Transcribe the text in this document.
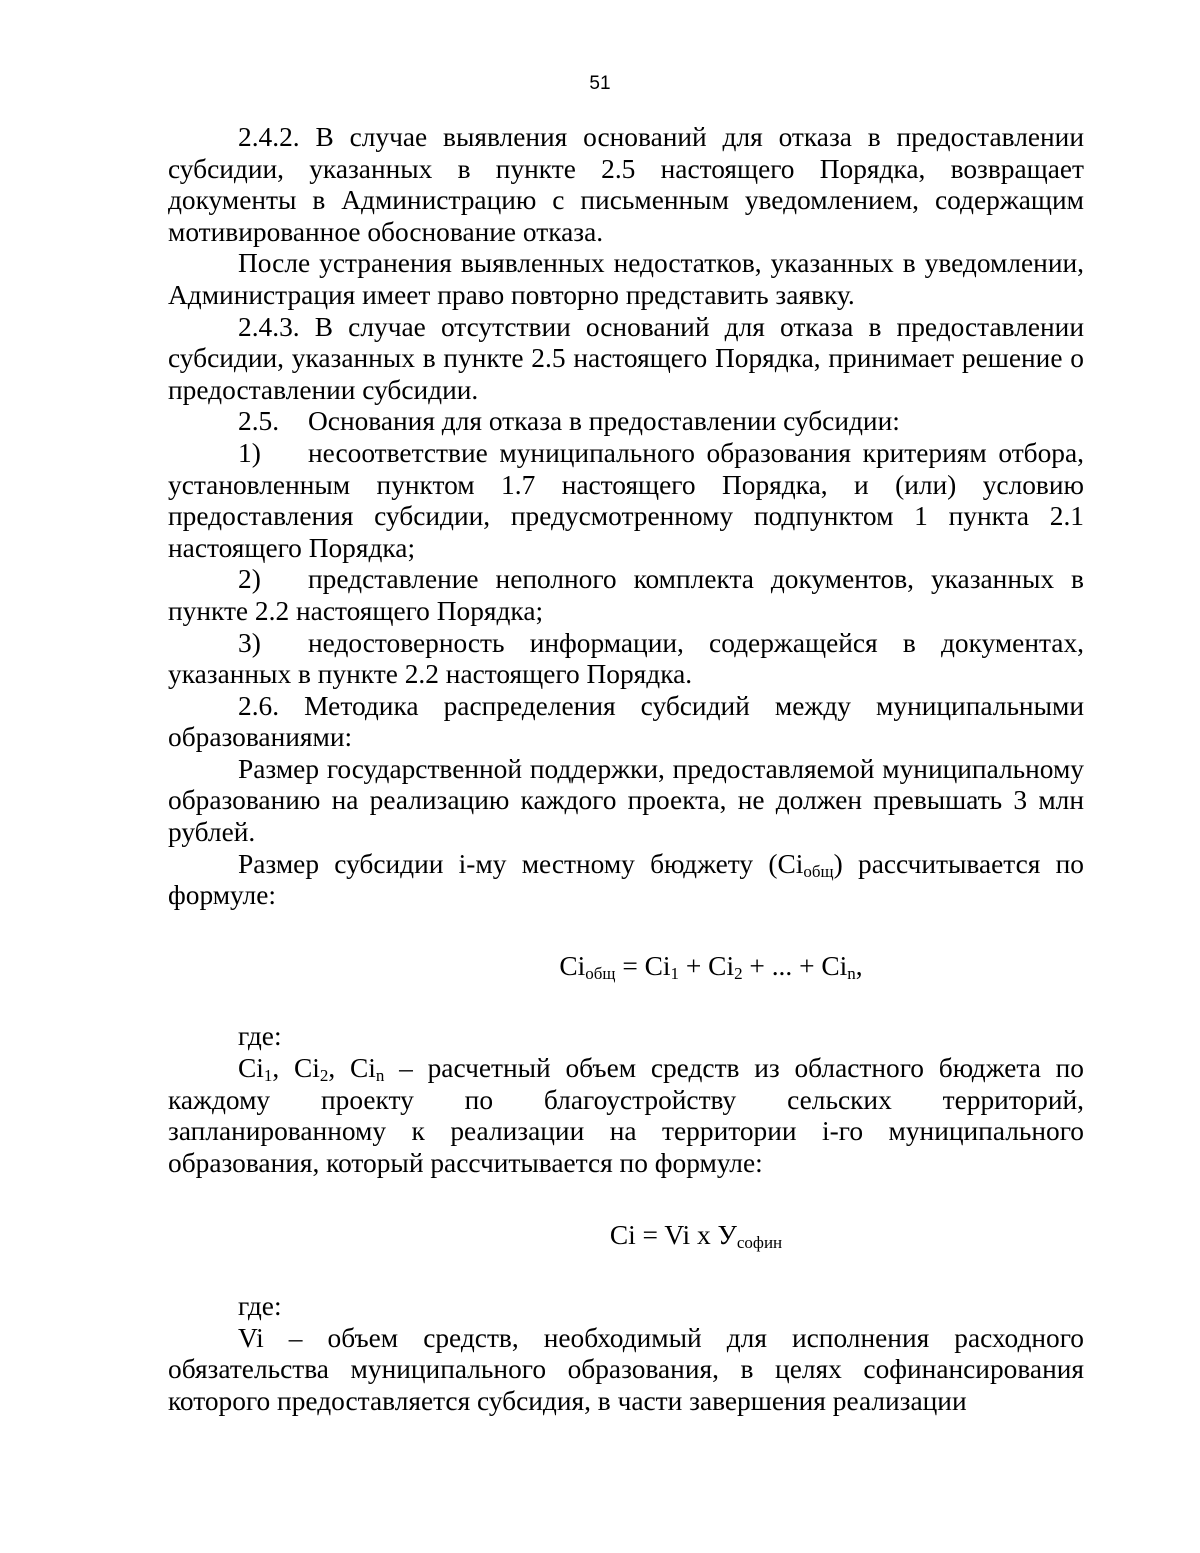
51

2.4.2. В случае выявления оснований для отказа в предоставлении субсидии, указанных в пункте 2.5 настоящего Порядка, возвращает документы в Администрацию с письменным уведомлением, содержащим мотивированное обоснование отказа.

После устранения выявленных недостатков, указанных в уведомлении, Администрация имеет право повторно представить заявку.

2.4.3. В случае отсутствии оснований для отказа в предоставлении субсидии, указанных в пункте 2.5 настоящего Порядка, принимает решение о предоставлении субсидии.

2.5. Основания для отказа в предоставлении субсидии:

1) несоответствие муниципального образования критериям отбора, установленным пунктом 1.7 настоящего Порядка, и (или) условию предоставления субсидии, предусмотренному подпунктом 1 пункта 2.1 настоящего Порядка;

2) представление неполного комплекта документов, указанных в пункте 2.2 настоящего Порядка;

3) недостоверность информации, содержащейся в документах, указанных в пункте 2.2 настоящего Порядка.

2.6. Методика распределения субсидий между муниципальными образованиями:

Размер государственной поддержки, предоставляемой муниципальному образованию на реализацию каждого проекта, не должен превышать 3 млн рублей.

Размер субсидии i-му местному бюджету $(Ci_{общ})$ рассчитывается по формуле:

$Ci_{общ} = Ci_1 + Ci_2$ + ... + $Ci_n$,

где:

$Ci_1$, $Ci_2$, $Ci_n$ – расчетный объем средств из областного бюджета по каждому проекту по благоустройству сельских территорий, запланированному к реализации на территории i-го муниципального образования, который рассчитывается по формуле:

Ci = Vi x $У_{софин}$

где:

Vi – объем средств, необходимый для исполнения расходного обязательства муниципального образования, в целях софинансирования которого предоставляется субсидия, в части завершения реализации
